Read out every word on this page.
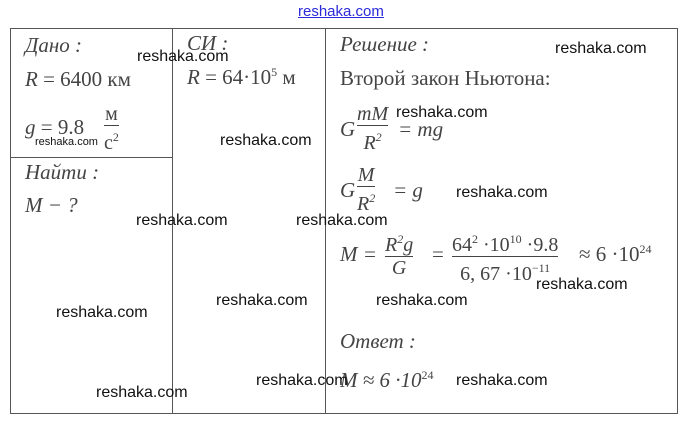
reshaka.com
Дано :
R = 6400 км
g = 9.8
м
$с^2$
Найти :
M − ?
СИ :
$R = 64\cdot 10^5$ м
Решение :
Второй закон Ньютона:
G
mM
$R^2$ = mg
G
M
$R^2 = g$
$M = R^2g$
G
= $64^2 \cdot 10^{10} \cdot 9.8$
6, $67 \cdot 10^{-11}$
≈ $6 \cdot 10^{24}$
Ответ :
$M \approx 6 \cdot 10^{24}$
reshaka.com	reshaka.com
reshaka.com	reshaka.com
reshaka.com
reshaka.com
reshaka.com	reshaka.com
reshaka.com
reshaka.com	reshaka.com
reshaka.com
reshaka.com	reshaka.com
reshaka.com
